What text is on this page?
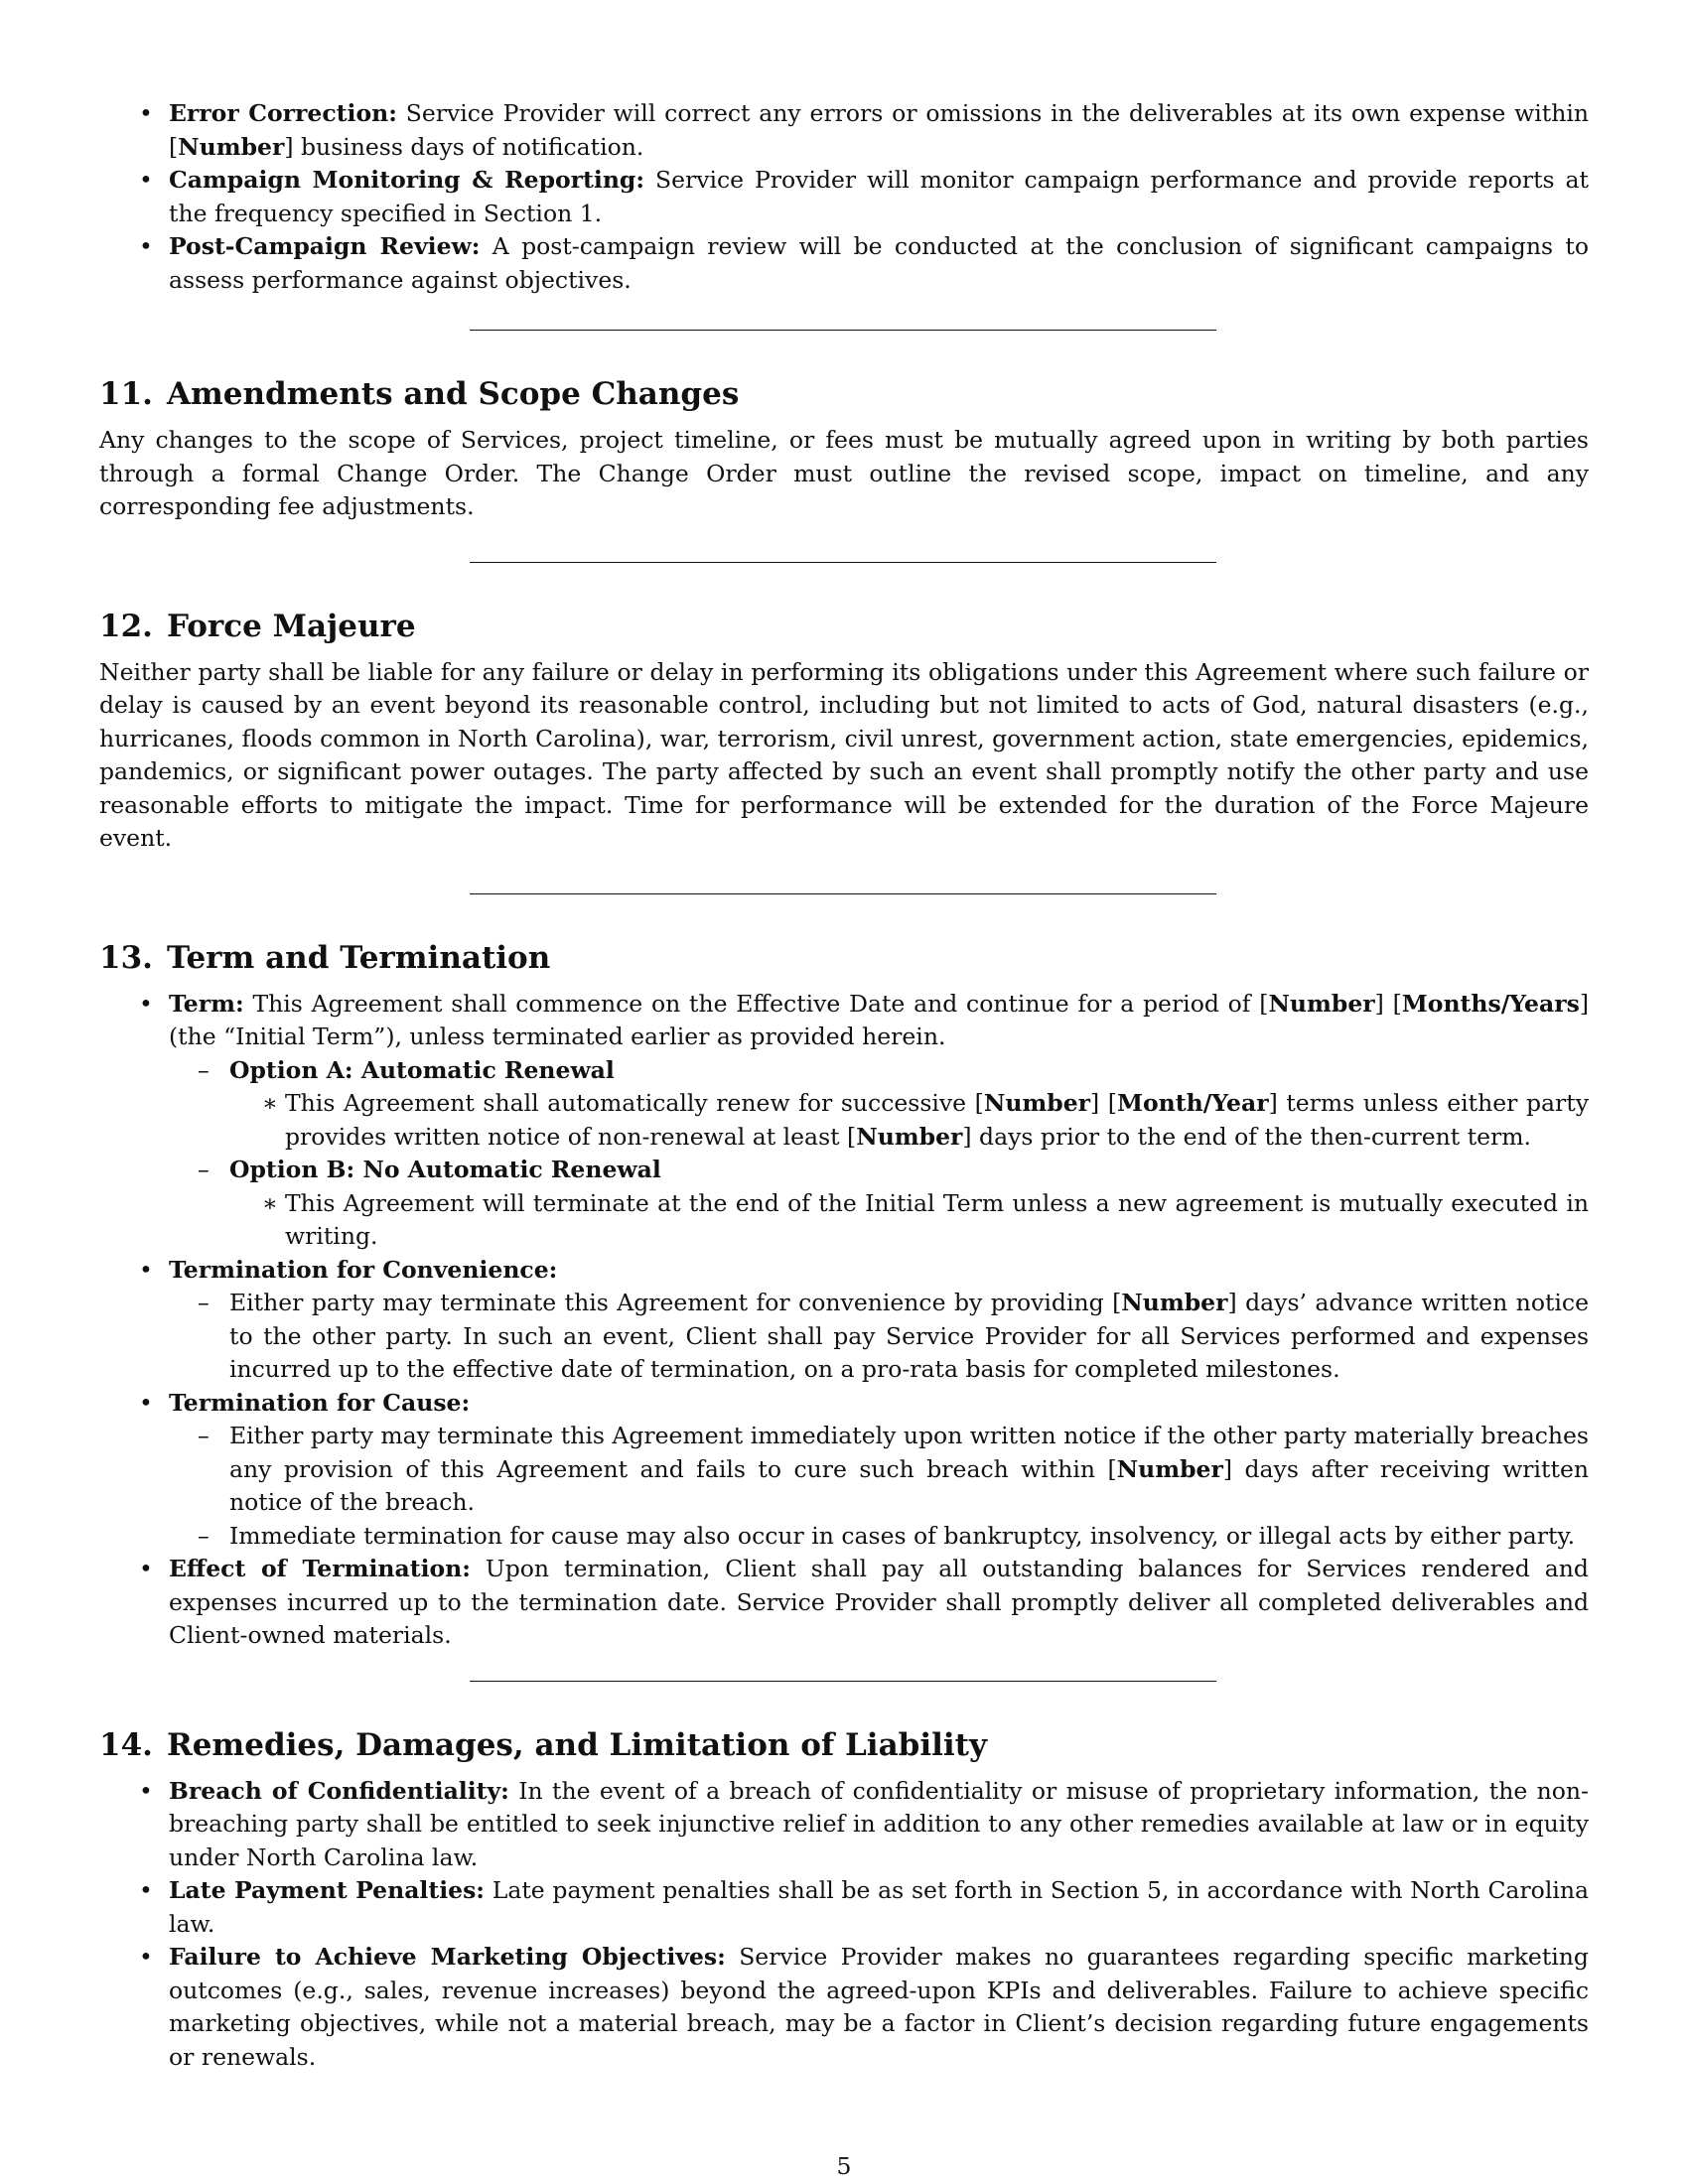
• Error Correction: Service Provider will correct any errors or omissions in the deliverables at its own expense within [Number] business days of notification.
• Campaign Monitoring & Reporting: Service Provider will monitor campaign performance and provide reports at the frequency specified in Section 1.
• Post-Campaign Review: A post-campaign review will be conducted at the conclusion of significant campaigns to assess performance against objectives.
11. Amendments and Scope Changes

Any changes to the scope of Services, project timeline, or fees must be mutually agreed upon in writing by both parties through a formal Change Order. The Change Order must outline the revised scope, impact on timeline, and any corresponding fee adjustments.

12. Force Majeure

Neither party shall be liable for any failure or delay in performing its obligations under this Agreement where such failure or delay is caused by an event beyond its reasonable control, including but not limited to acts of God, natural disasters (e.g., hurricanes, floods common in North Carolina), war, terrorism, civil unrest, government action, state emergencies, epidemics, pandemics, or significant power outages. The party affected by such an event shall promptly notify the other party and use reasonable efforts to mitigate the impact. Time for performance will be extended for the duration of the Force Majeure event.

13. Term and Termination
• Term: This Agreement shall commence on the Effective Date and continue for a period of [Number] [Months/Years] (the “Initial Term”), unless terminated earlier as provided herein.
– Option A: Automatic Renewal
∗ This Agreement shall automatically renew for successive [Number] [Month/Year] terms unless either party provides written notice of non-renewal at least [Number] days prior to the end of the then-current term.
– Option B: No Automatic Renewal
∗ This Agreement will terminate at the end of the Initial Term unless a new agreement is mutually executed in writing.
• Termination for Convenience:
– Either party may terminate this Agreement for convenience by providing [Number] days’ advance written notice to the other party. In such an event, Client shall pay Service Provider for all Services performed and expenses incurred up to the effective date of termination, on a pro-rata basis for completed milestones.
• Termination for Cause:
– Either party may terminate this Agreement immediately upon written notice if the other party materially breaches any provision of this Agreement and fails to cure such breach within [Number] days after receiving written notice of the breach.
– Immediate termination for cause may also occur in cases of bankruptcy, insolvency, or illegal acts by either party.
• Effect of Termination: Upon termination, Client shall pay all outstanding balances for Services rendered and expenses incurred up to the termination date. Service Provider shall promptly deliver all completed deliverables and Client-owned materials.
14. Remedies, Damages, and Limitation of Liability
• Breach of Confidentiality: In the event of a breach of confidentiality or misuse of proprietary information, the non-breaching party shall be entitled to seek injunctive relief in addition to any other remedies available at law or in equity under North Carolina law.
• Late Payment Penalties: Late payment penalties shall be as set forth in Section 5, in accordance with North Carolina law.
• Failure to Achieve Marketing Objectives: Service Provider makes no guarantees regarding specific marketing outcomes (e.g., sales, revenue increases) beyond the agreed-upon KPIs and deliverables. Failure to achieve specific marketing objectives, while not a material breach, may be a factor in Client’s decision regarding future engagements or renewals.
5
